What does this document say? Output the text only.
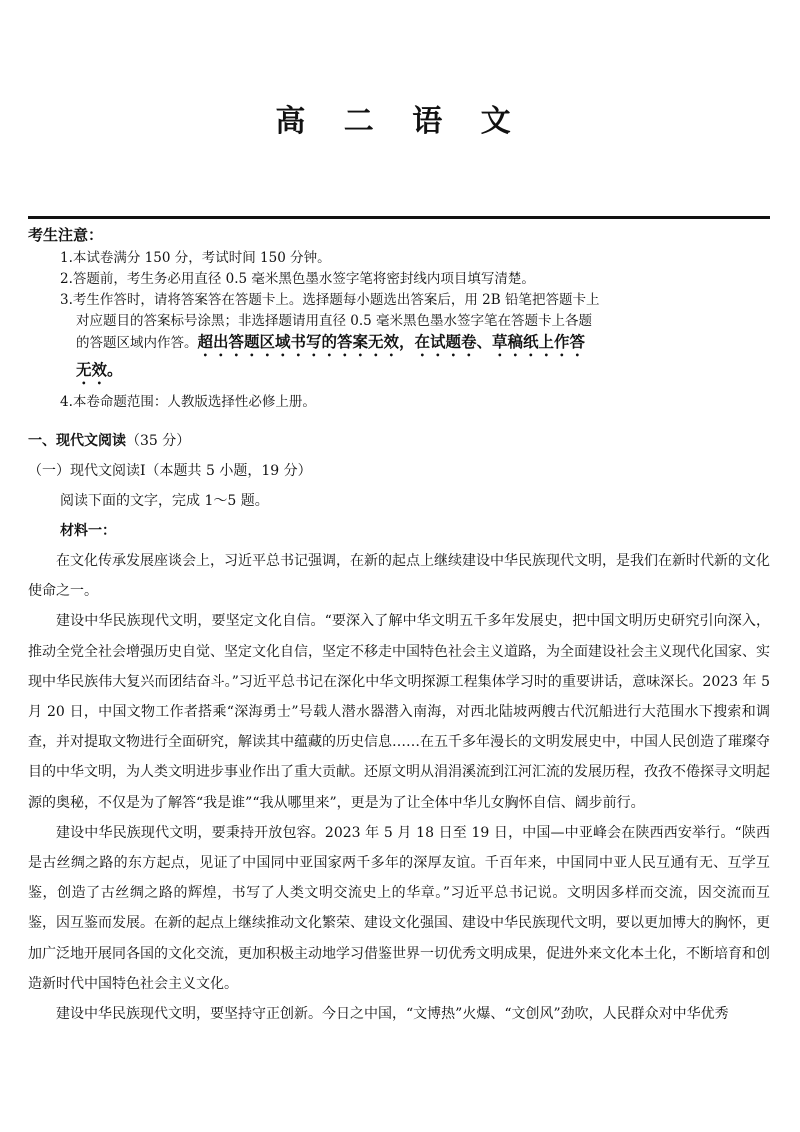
高 二 语 文
考生注意：
1.本试卷满分 150 分，考试时间 150 分钟。
2.答题前，考生务必用直径 0.5 毫米黑色墨水签字笔将密封线内项目填写清楚。
3.考生作答时，请将答案答在答题卡上。选择题每小题选出答案后，用 2B 铅笔把答题卡上
对应题目的答案标号涂黑；非选择题请用直径 0.5 毫米黑色墨水签字笔在答题卡上各题
的答题区域内作答。超出答题区域书写的答案无效，在试题卷、草稿纸上作答
无效。
4.本卷命题范围：人教版选择性必修上册。
一、现代文阅读（35 分）
（一）现代文阅读Ⅰ（本题共 5 小题，19 分）
阅读下面的文字，完成 1～5 题。
材料一：

在文化传承发展座谈会上，习近平总书记强调，在新的起点上继续建设中华民族现代文明，是我们在新时代新的文化使命之一。

建设中华民族现代文明，要坚定文化自信。“要深入了解中华文明五千多年发展史，把中国文明历史研究引向深入，推动全党全社会增强历史自觉、坚定文化自信，坚定不移走中国特色社会主义道路，为全面建设社会主义现代化国家、实现中华民族伟大复兴而团结奋斗。”习近平总书记在深化中华文明探源工程集体学习时的重要讲话，意味深长。2023 年 5 月 20 日，中国文物工作者搭乘“深海勇士”号载人潜水器潜入南海，对西北陆坡两艘古代沉船进行大范围水下搜索和调查，并对提取文物进行全面研究，解读其中蕴藏的历史信息……在五千多年漫长的文明发展史中，中国人民创造了璀璨夺目的中华文明，为人类文明进步事业作出了重大贡献。还原文明从涓涓溪流到江河汇流的发展历程，孜孜不倦探寻文明起源的奥秘，不仅是为了解答“我是谁”“我从哪里来”，更是为了让全体中华儿女胸怀自信、阔步前行。

建设中华民族现代文明，要秉持开放包容。2023 年 5 月 18 日至 19 日，中国—中亚峰会在陕西西安举行。“陕西是古丝绸之路的东方起点，见证了中国同中亚国家两千多年的深厚友谊。千百年来，中国同中亚人民互通有无、互学互鉴，创造了古丝绸之路的辉煌，书写了人类文明交流史上的华章。”习近平总书记说。文明因多样而交流，因交流而互鉴，因互鉴而发展。在新的起点上继续推动文化繁荣、建设文化强国、建设中华民族现代文明，要以更加博大的胸怀，更加广泛地开展同各国的文化交流，更加积极主动地学习借鉴世界一切优秀文明成果，促进外来文化本土化，不断培育和创造新时代中国特色社会主义文化。

建设中华民族现代文明，要坚持守正创新。今日之中国，“文博热”火爆、“文创风”劲吹，人民群众对中华优秀
